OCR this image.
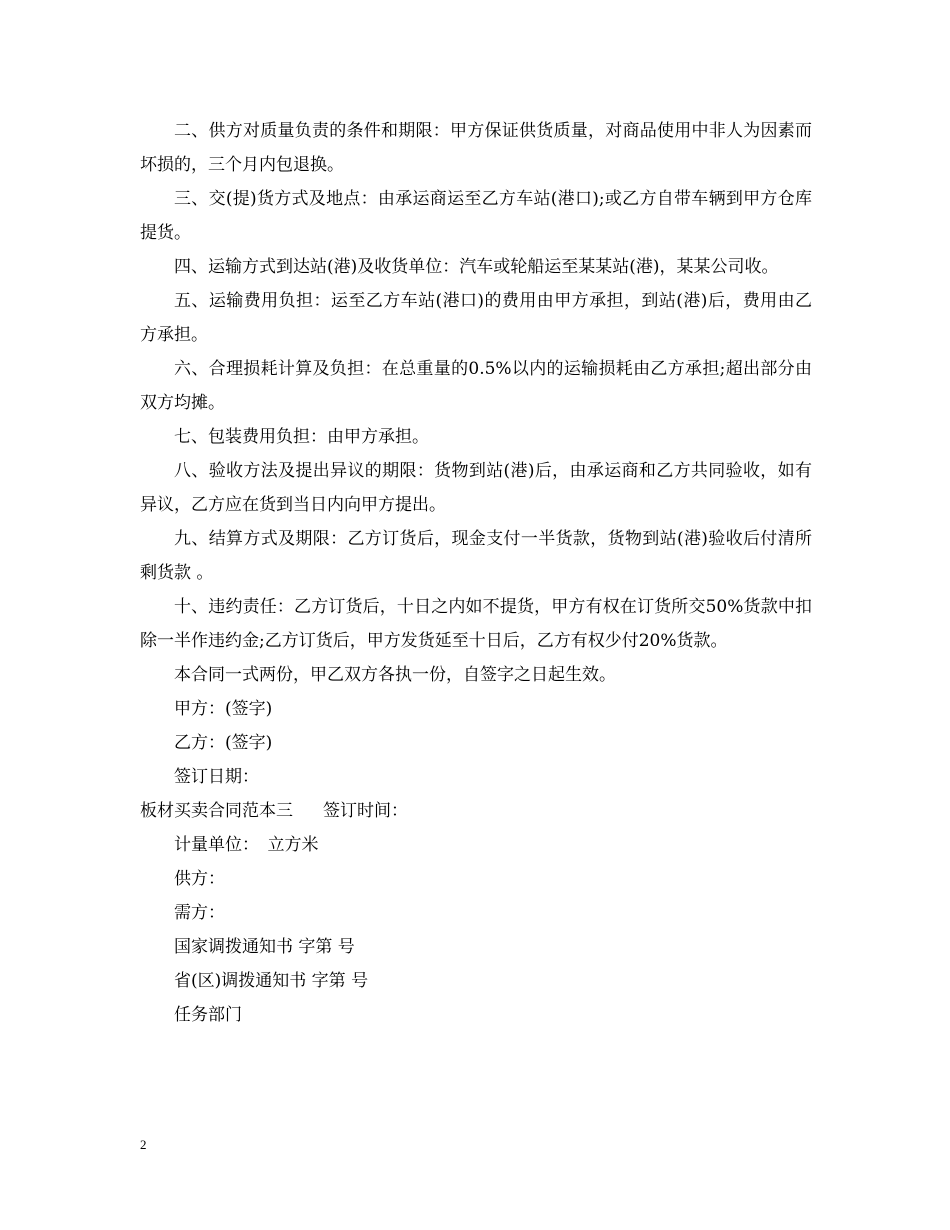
二、供方对质量负责的条件和期限：甲方保证供货质量，对商品使用中非人为因素而坏损的，三个月内包退换。

三、交(提)货方式及地点：由承运商运至乙方车站(港口);或乙方自带车辆到甲方仓库提货。

四、运输方式到达站(港)及收货单位：汽车或轮船运至某某站(港)，某某公司收。

五、运输费用负担：运至乙方车站(港口)的费用由甲方承担，到站(港)后，费用由乙方承担。

六、合理损耗计算及负担：在总重量的0.5%以内的运输损耗由乙方承担;超出部分由双方均摊。

七、包装费用负担：由甲方承担。

八、验收方法及提出异议的期限：货物到站(港)后，由承运商和乙方共同验收，如有异议，乙方应在货到当日内向甲方提出。

九、结算方式及期限：乙方订货后，现金支付一半货款，货物到站(港)验收后付清所剩货款 。

十、违约责任：乙方订货后，十日之内如不提货，甲方有权在订货所交50%货款中扣除一半作违约金;乙方订货后，甲方发货延至十日后，乙方有权少付20%货款。

本合同一式两份，甲乙双方各执一份，自签字之日起生效。

甲方：(签字)

乙方：(签字)

签订日期：

板材买卖合同范本三 签订时间：

计量单位：　立方米

供方：

需方：

国家调拨通知书 字第 号

省(区)调拨通知书 字第 号

任务部门

2
